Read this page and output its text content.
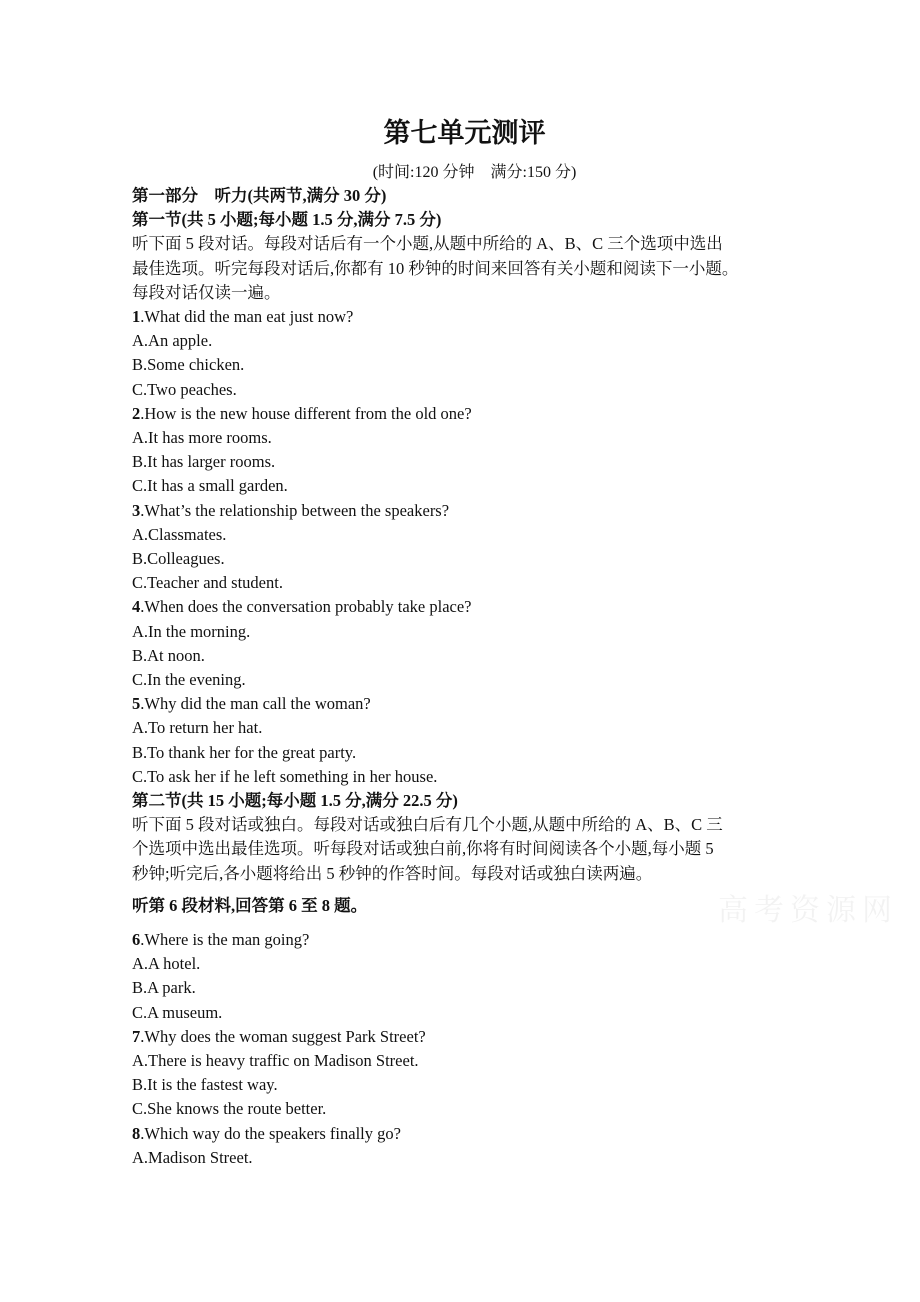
第七单元测评

(时间:120 分钟　满分:150 分)

第一部分　听力(共两节,满分 30 分)

第一节(共 5 小题;每小题 1.5 分,满分 7.5 分)

听下面 5 段对话。每段对话后有一个小题,从题中所给的 A、B、C 三个选项中选出

最佳选项。听完每段对话后,你都有 10 秒钟的时间来回答有关小题和阅读下一小题。

每段对话仅读一遍。

1.What did the man eat just now?

A.An apple.

B.Some chicken.

C.Two peaches.

2.How is the new house different from the old one?

A.It has more rooms.

B.It has larger rooms.

C.It has a small garden.

3.What’s the relationship between the speakers?

A.Classmates.

B.Colleagues.

C.Teacher and student.

4.When does the conversation probably take place?

A.In the morning.

B.At noon.

C.In the evening.

5.Why did the man call the woman?

A.To return her hat.

B.To thank her for the great party.

C.To ask her if he left something in her house.

第二节(共 15 小题;每小题 1.5 分,满分 22.5 分)

听下面 5 段对话或独白。每段对话或独白后有几个小题,从题中所给的 A、B、C 三

个选项中选出最佳选项。听每段对话或独白前,你将有时间阅读各个小题,每小题 5

秒钟;听完后,各小题将给出 5 秒钟的作答时间。每段对话或独白读两遍。

听第 6 段材料,回答第 6 至 8 题。

6.Where is the man going?

A.A hotel.

B.A park.

C.A museum.

7.Why does the woman suggest Park Street?

A.There is heavy traffic on Madison Street.

B.It is the fastest way.

C.She knows the route better.

8.Which way do the speakers finally go?

A.Madison Street.

高考资源网
